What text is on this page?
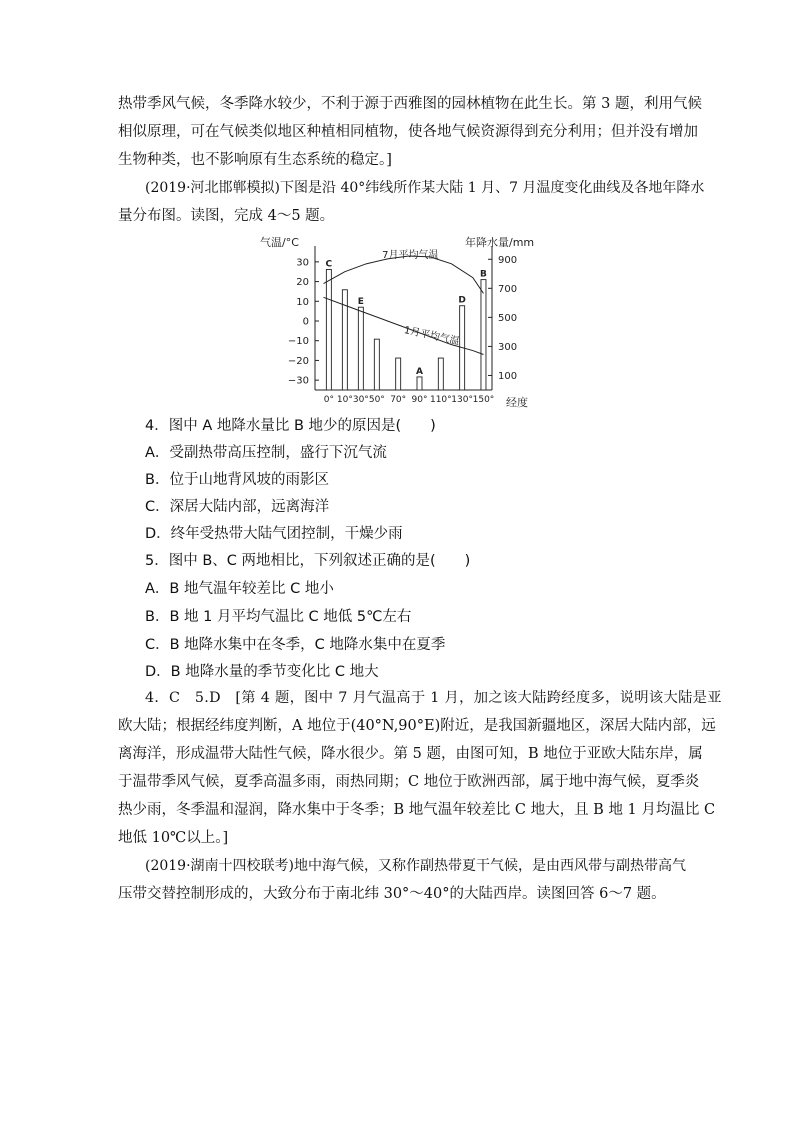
热带季风气候，冬季降水较少，不利于源于西雅图的园林植物在此生长。第 3 题，利用气候
相似原理，可在气候类似地区种植相同植物，使各地气候资源得到充分利用；但并没有增加
生物种类，也不影响原有生态系统的稳定。]
(2019·河北邯郸模拟)下图是沿 40°纬线所作某大陆 1 月、7 月温度变化曲线及各地年降水
量分布图。读图，完成 4～5 题。
气温/°C	年降水量/mm
经度
30
20
10
0
−10
−20
−30
900
700
500
300
100
C
E
A
D
B
0° 10° 30° 50° 70° 90° 110° 130° 150°
7月平均气温
1月平均气温
4．图中 A 地降水量比 B 地少的原因是(　　)
A．受副热带高压控制，盛行下沉气流
B．位于山地背风坡的雨影区
C．深居大陆内部，远离海洋
D．终年受热带大陆气团控制，干燥少雨
5．图中 B、C 两地相比，下列叙述正确的是(　　)
A．B 地气温年较差比 C 地小
B．B 地 1 月平均气温比 C 地低 5℃左右
C．B 地降水集中在冬季，C 地降水集中在夏季
D．B 地降水量的季节变化比 C 地大
4．C　5.D　[第 4 题，图中 7 月气温高于 1 月，加之该大陆跨经度多，说明该大陆是亚
欧大陆；根据经纬度判断，A 地位于(40°N,90°E)附近，是我国新疆地区，深居大陆内部，远
离海洋，形成温带大陆性气候，降水很少。第 5 题，由图可知，B 地位于亚欧大陆东岸，属
于温带季风气候，夏季高温多雨，雨热同期；C 地位于欧洲西部，属于地中海气候，夏季炎
热少雨，冬季温和湿润，降水集中于冬季；B 地气温年较差比 C 地大，且 B 地 1 月均温比 C
地低 10℃以上。]
(2019·湖南十四校联考)地中海气候，又称作副热带夏干气候，是由西风带与副热带高气
压带交替控制形成的，大致分布于南北纬 30°～40°的大陆西岸。读图回答 6～7 题。
